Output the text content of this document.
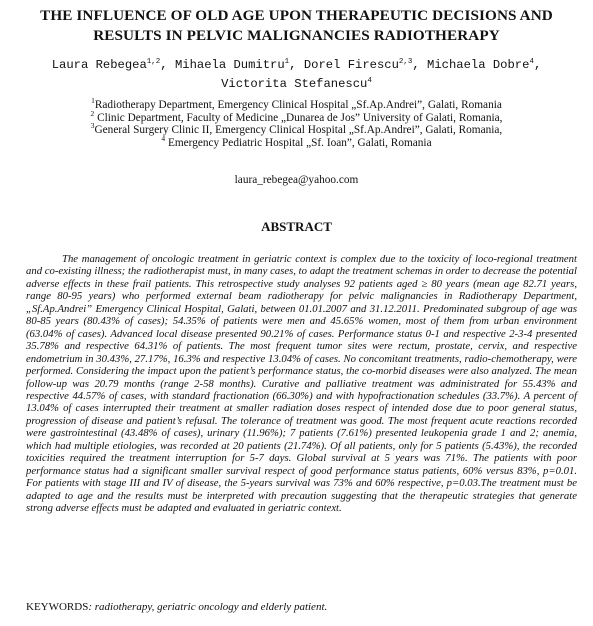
THE INFLUENCE OF OLD AGE UPON THERAPEUTIC DECISIONS AND RESULTS IN PELVIC MALIGNANCIES RADIOTHERAPY
Laura Rebegea$^{1,2}$, Mihaela Dumitru$^1$, Dorel Firescu$^{2,3}$, Michaela Dobre$^4$, Victorita Stefanescu$^4$
$^1$Radiotherapy Department, Emergency Clinical Hospital „Sf.Ap.Andrei”, Galati, Romania
$^2$ Clinic Department, Faculty of Medicine „Dunarea de Jos” University of Galati, Romania,
$^3$General Surgery Clinic II, Emergency Clinical Hospital „Sf.Ap.Andrei”, Galati, Romania,
$^4$ Emergency Pediatric Hospital „Sf. Ioan”, Galati, Romania
laura_rebegea@yahoo.com
ABSTRACT
The management of oncologic treatment in geriatric context is complex due to the toxicity of loco-regional treatment and co-existing illness; the radiotherapist must, in many cases, to adapt the treatment schemas in order to decrease the potential adverse effects in these frail patients. This retrospective study analyses 92 patients aged ≥ 80 years (mean age 82.71 years, range 80-95 years) who performed external beam radiotherapy for pelvic malignancies in Radiotherapy Department, „Sf.Ap.Andrei” Emergency Clinical Hospital, Galati, between 01.01.2007 and 31.12.2011. Predominated subgroup of age was 80-85 years (80.43% of cases); 54.35% of patients were men and 45.65% women, most of them from urban environment (63.04% of cases). Advanced local disease presented 90.21% of cases. Performance status 0-1 and respective 2-3-4 presented 35.78% and respective 64.31% of patients. The most frequent tumor sites were rectum, prostate, cervix, and respective endometrium in 30.43%, 27.17%, 16.3% and respective 13.04% of cases. No concomitant treatments, radio-chemotherapy, were performed. Considering the impact upon the patient’s performance status, the co-morbid diseases were also analyzed. The mean follow-up was 20.79 months (range 2-58 months). Curative and palliative treatment was administrated for 55.43% and respective 44.57% of cases, with standard fractionation (66.30%) and with hypofractionation schedules (33.7%). A percent of 13.04% of cases interrupted their treatment at smaller radiation doses respect of intended dose due to poor general status, progression of disease and patient’s refusal. The tolerance of treatment was good. The most frequent acute reactions recorded were gastrointestinal (43.48% of cases), urinary (11.96%); 7 patients (7.61%) presented leukopenia grade 1 and 2; anemia, which had multiple etiologies, was recorded at 20 patients (21.74%). Of all patients, only for 5 patients (5.43%), the recorded toxicities required the treatment interruption for 5-7 days. Global survival at 5 years was 71%. The patients with poor performance status had a significant smaller survival respect of good performance status patients, 60% versus 83%, p=0.01. For patients with stage III and IV of disease, the 5-years survival was 73% and 60% respective, p=0.03.The treatment must be adapted to age and the results must be interpreted with precaution suggesting that the therapeutic strategies that generate strong adverse effects must be adapted and evaluated in geriatric context.
KEYWORDS: radiotherapy, geriatric oncology and elderly patient.
